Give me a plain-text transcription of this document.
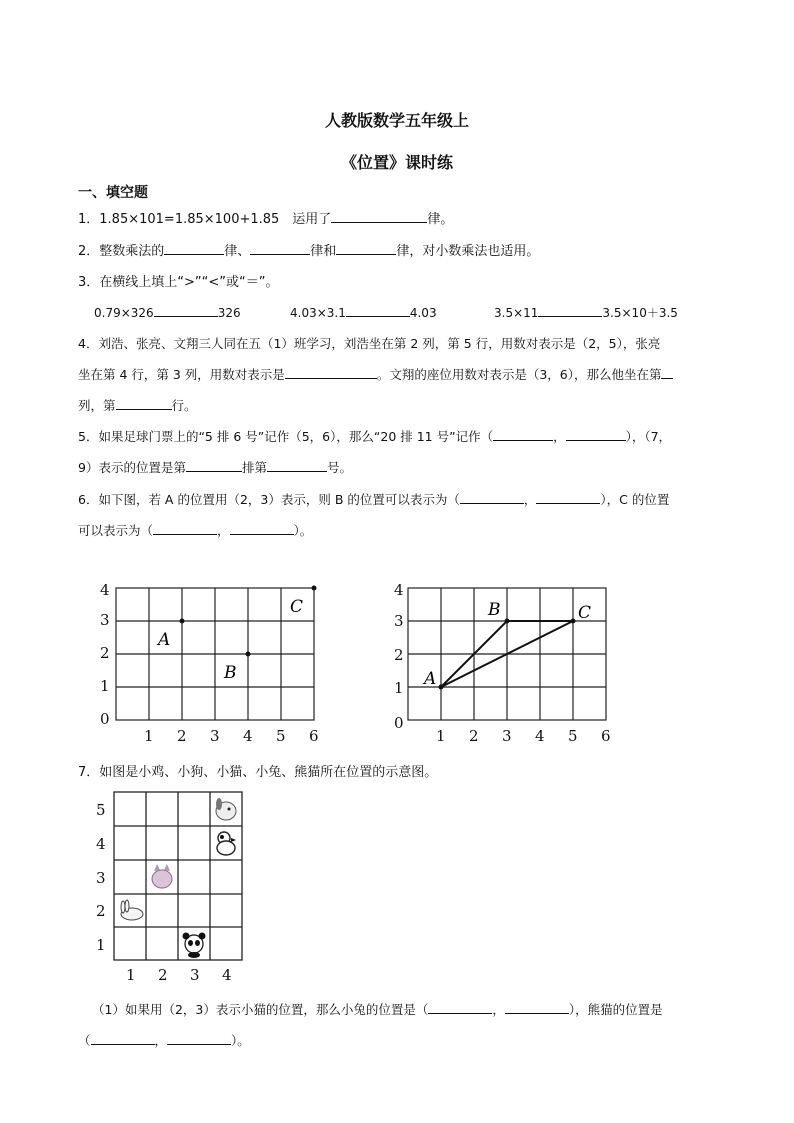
人教版数学五年级上
《位置》课时练
一、填空题
1．1.85×101=1.85×100+1.85　运用了	律。
2．整数乘法的	律、	律和	律，对小数乘法也适用。
3．在横线上填上“>”“<”或“＝”。
0.79×326	326	4.03×3.1	4.03	3.5×11	3.5×10＋3.5
4．刘浩、张亮、文翔三人同在五（1）班学习，刘浩坐在第 2 列，第 5 行，用数对表示是（2，5），张亮
坐在第 4 行，第 3 列，用数对表示是	。文翔的座位用数对表示是（3，6），那么他坐在第
列，第	行。
5．如果足球门票上的“5 排 6 号”记作（5，6），那么“20 排 11 号”记作（	，	），（7，
9）表示的位置是第	排第	号。
6．如下图，若 A 的位置用（2，3）表示，则 B 的位置可以表示为（	，	），C 的位置
可以表示为（	，	）。
0
1
2
3
4
1 2 3 4 5 6
A
B
C
0
1
2
3
4
1 2 3 4 5 6
A
B	C
7．如图是小鸡、小狗、小猫、小兔、熊猫所在位置的示意图。
5
4
3
2
1
1 2 3 4
（1）如果用（2，3）表示小猫的位置，那么小兔的位置是（	，	），熊猫的位置是
（	，	）。
